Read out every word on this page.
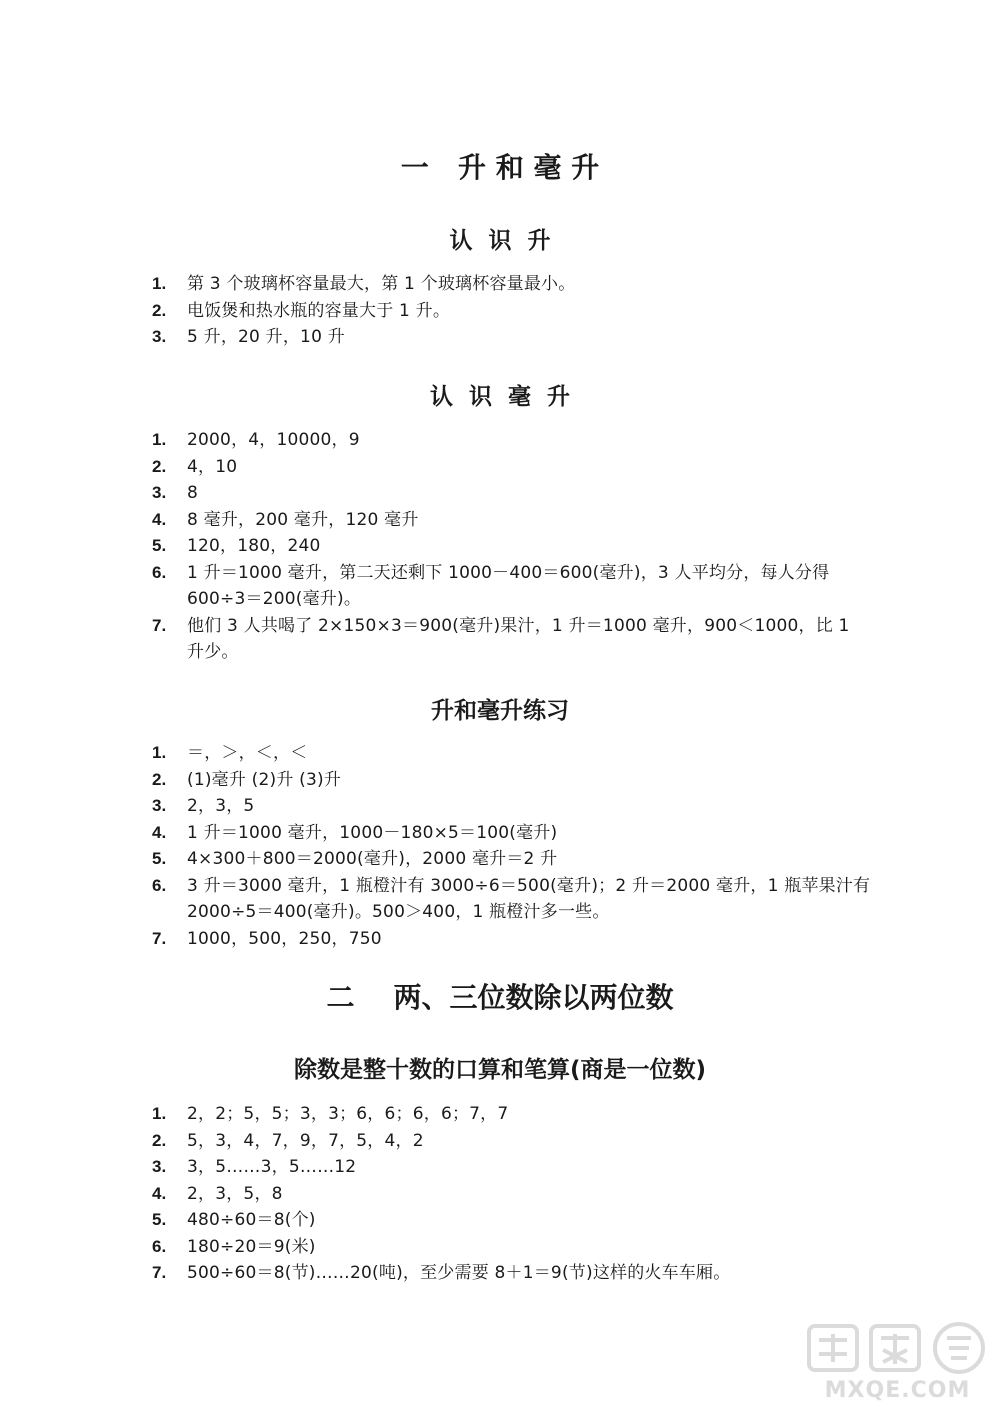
一   升 和 毫 升
认  识  升
1.	第 3 个玻璃杯容量最大，第 1 个玻璃杯容量最小。
2.	电饭煲和热水瓶的容量大于 1 升。
3.	5 升，20 升，10 升
认  识  毫  升
1.	2000，4，10000，9
2.	4，10
3.	8
4.	8 毫升，200 毫升，120 毫升
5.	120，180，240
6.	1 升＝1000 毫升，第二天还剩下 1000－400＝600(毫升)，3 人平均分，每人分得 600÷3＝200(毫升)。
7.	他们 3 人共喝了 2×150×3＝900(毫升)果汁，1 升＝1000 毫升，900＜1000，比 1 升少。
升和毫升练习
1.	＝，＞，＜，＜
2.	(1)毫升 (2)升 (3)升
3.	2，3，5
4.	1 升＝1000 毫升，1000－180×5＝100(毫升)
5.	4×300＋800＝2000(毫升)，2000 毫升＝2 升
6.	3 升＝3000 毫升，1 瓶橙汁有 3000÷6＝500(毫升)；2 升＝2000 毫升，1 瓶苹果汁有 2000÷5＝400(毫升)。500＞400，1 瓶橙汁多一些。
7.	1000，500，250，750
二    两、三位数除以两位数
除数是整十数的口算和笔算(商是一位数)
1.	2，2；5，5；3，3；6，6；6，6；7，7
2.	5，3，4，7，9，7，5，4，2
3.	3，5……3，5……12
4.	2，3，5，8
5.	480÷60＝8(个)
6.	180÷20＝9(米)
7.	500÷60＝8(节)……20(吨)，至少需要 8＋1＝9(节)这样的火车车厢。
MXQE.COM
